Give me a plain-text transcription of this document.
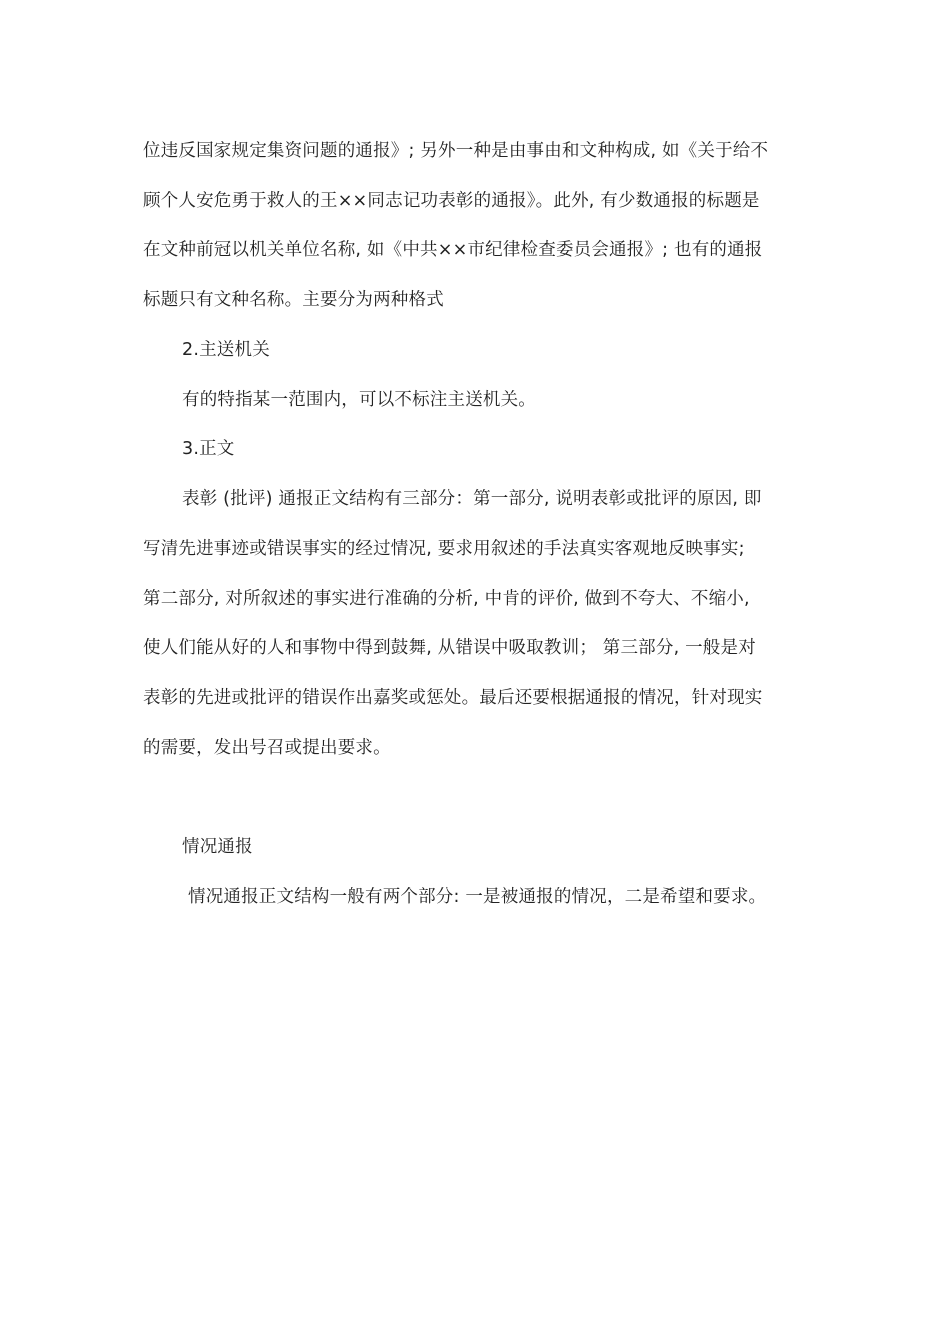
位违反国家规定集资问题的通报》; 另外一种是由事由和文种构成, 如《关于给不
顾个人安危勇于救人的王××同志记功表彰的通报》。此外, 有少数通报的标题是
在文种前冠以机关单位名称, 如《中共××市纪律检查委员会通报》; 也有的通报
标题只有文种名称。主要分为两种格式
2.主送机关
有的特指某一范围内，可以不标注主送机关。
3.正文
表彰 (批评) 通报正文结构有三部分：第一部分, 说明表彰或批评的原因, 即
写清先进事迹或错误事实的经过情况, 要求用叙述的手法真实客观地反映事实;
第二部分, 对所叙述的事实进行准确的分析, 中肯的评价, 做到不夸大、不缩小,
使人们能从好的人和事物中得到鼓舞, 从错误中吸取教训； 第三部分, 一般是对
表彰的先进或批评的错误作出嘉奖或惩处。最后还要根据通报的情况，针对现实
的需要，发出号召或提出要求。
情况通报
情况通报正文结构一般有两个部分: 一是被通报的情况，二是希望和要求。
